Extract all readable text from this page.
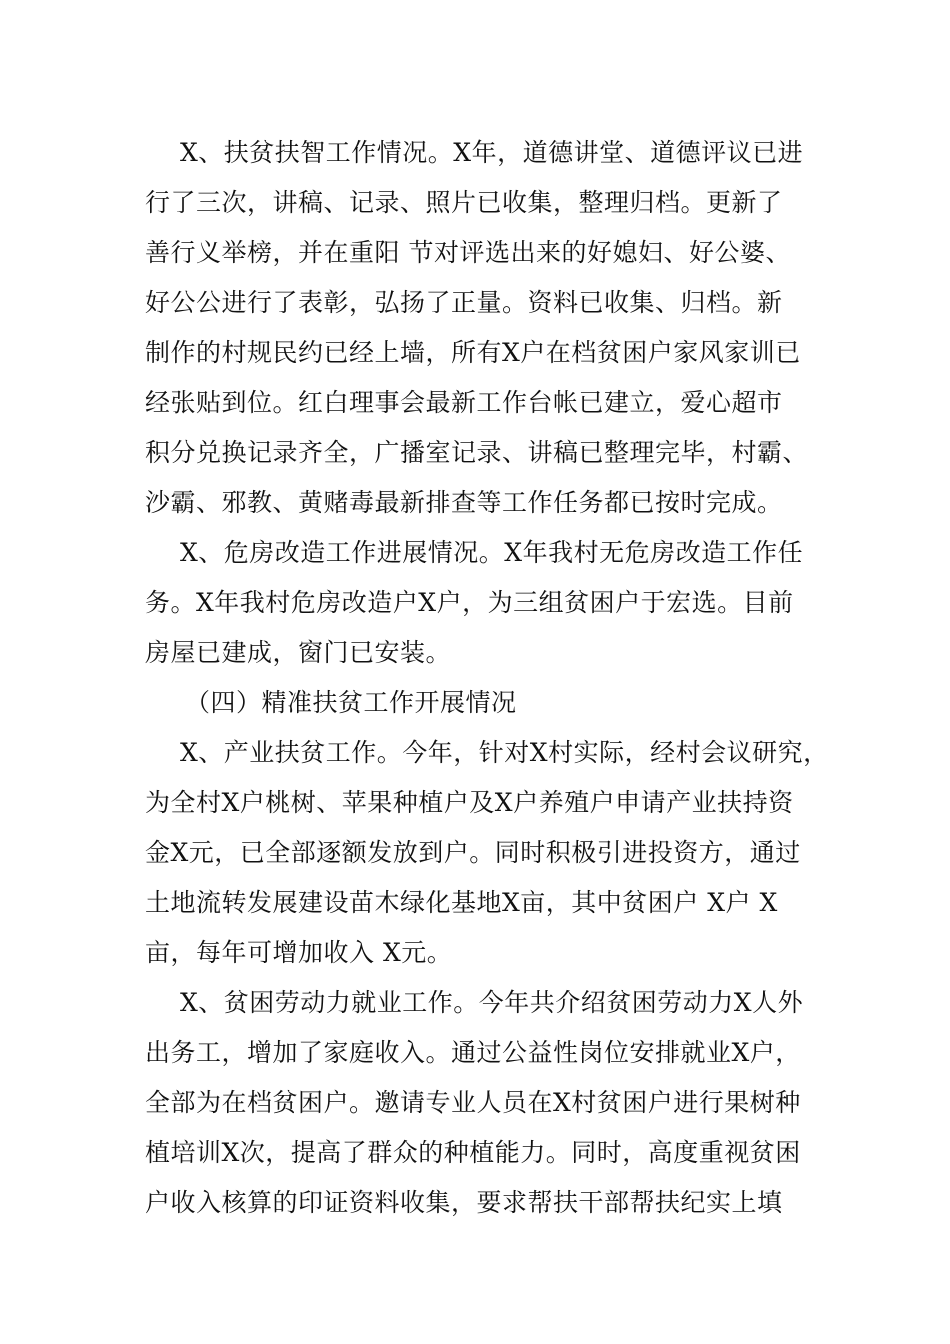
X、扶贫扶智工作情况。X年，道德讲堂、道德评议已进
行了三次，讲稿、记录、照片已收集，整理归档。更新了
善行义举榜，并在重阳 节对评选出来的好媳妇、好公婆、
好公公进行了表彰，弘扬了正量。资料已收集、归档。新
制作的村规民约已经上墙，所有X户在档贫困户家风家训已
经张贴到位。红白理事会最新工作台帐已建立，爱心超市
积分兑换记录齐全，广播室记录、讲稿已整理完毕，村霸、
沙霸、邪教、黄赌毒最新排查等工作任务都已按时完成。
X、危房改造工作进展情况。X年我村无危房改造工作任
务。X年我村危房改造户X户，为三组贫困户于宏选。目前
房屋已建成，窗门已安装。
（四）精准扶贫工作开展情况
X、产业扶贫工作。今年，针对X村实际，经村会议研究，
为全村X户桃树、苹果种植户及X户养殖户申请产业扶持资
金X元，已全部逐额发放到户。同时积极引进投资方，通过
土地流转发展建设苗木绿化基地X亩，其中贫困户 X户 X
亩，每年可增加收入 X元。
X、贫困劳动力就业工作。今年共介绍贫困劳动力X人外
出务工，增加了家庭收入。通过公益性岗位安排就业X户，
全部为在档贫困户。邀请专业人员在X村贫困户进行果树种
植培训X次，提高了群众的种植能力。同时，高度重视贫困
户收入核算的印证资料收集，要求帮扶干部帮扶纪实上填
